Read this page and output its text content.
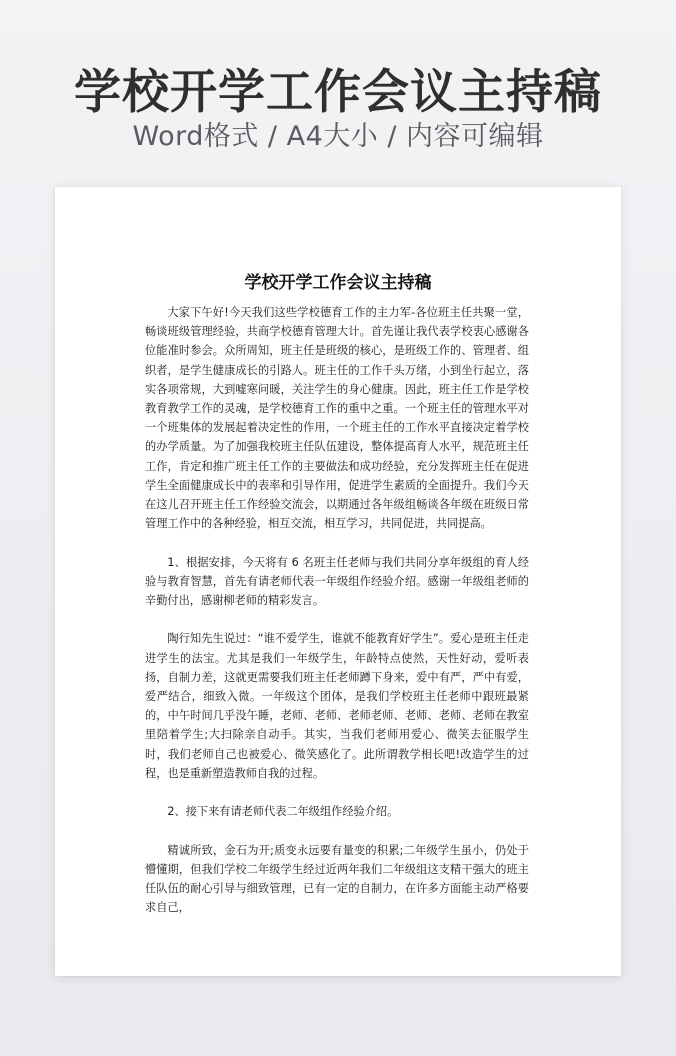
学校开学工作会议主持稿
Word格式 / A4大小 / 内容可编辑
学校开学工作会议主持稿

大家下午好!今天我们这些学校德育工作的主力军-各位班主任共聚一堂，畅谈班级管理经验，共商学校德育管理大计。首先谨让我代表学校衷心感谢各位能准时参会。众所周知，班主任是班级的核心，是班级工作的、管理者、组织者，是学生健康成长的引路人。班主任的工作千头万绪，小到坐行起立，落实各项常规，大到嘘寒问暖，关注学生的身心健康。因此，班主任工作是学校教育教学工作的灵魂，是学校德育工作的重中之重。一个班主任的管理水平对一个班集体的发展起着决定性的作用，一个班主任的工作水平直接决定着学校的办学质量。为了加强我校班主任队伍建设，整体提高育人水平，规范班主任工作，肯定和推广班主任工作的主要做法和成功经验，充分发挥班主任在促进学生全面健康成长中的表率和引导作用，促进学生素质的全面提升。我们今天在这儿召开班主任工作经验交流会，以期通过各年级组畅谈各年级在班级日常管理工作中的各种经验，相互交流，相互学习，共同促进，共同提高。

1、根据安排，今天将有 6 名班主任老师与我们共同分享年级组的育人经验与教育智慧，首先有请老师代表一年级组作经验介绍。感谢一年级组老师的辛勤付出，感谢柳老师的精彩发言。

陶行知先生说过：“谁不爱学生，谁就不能教育好学生”。爱心是班主任走进学生的法宝。尤其是我们一年级学生，年龄特点使然，天性好动，爱听表扬，自制力差，这就更需要我们班主任老师蹲下身来，爱中有严，严中有爱，爱严结合，细致入微。一年级这个团体，是我们学校班主任老师中跟班最紧的，中午时间几乎没午睡，老师、老师、老师老师、老师、老师、老师在教室里陪着学生;大扫除亲自动手。其实，当我们老师用爱心、微笑去征服学生时，我们老师自己也被爱心、微笑感化了。此所谓教学相长吧!改造学生的过程，也是重新塑造教师自我的过程。

2、接下来有请老师代表二年级组作经验介绍。

精诚所致，金石为开;质变永远要有量变的积累;二年级学生虽小，仍处于懵懂期，但我们学校二年级学生经过近两年我们二年级组这支精干强大的班主任队伍的耐心引导与细致管理，已有一定的自制力，在许多方面能主动严格要求自己，
